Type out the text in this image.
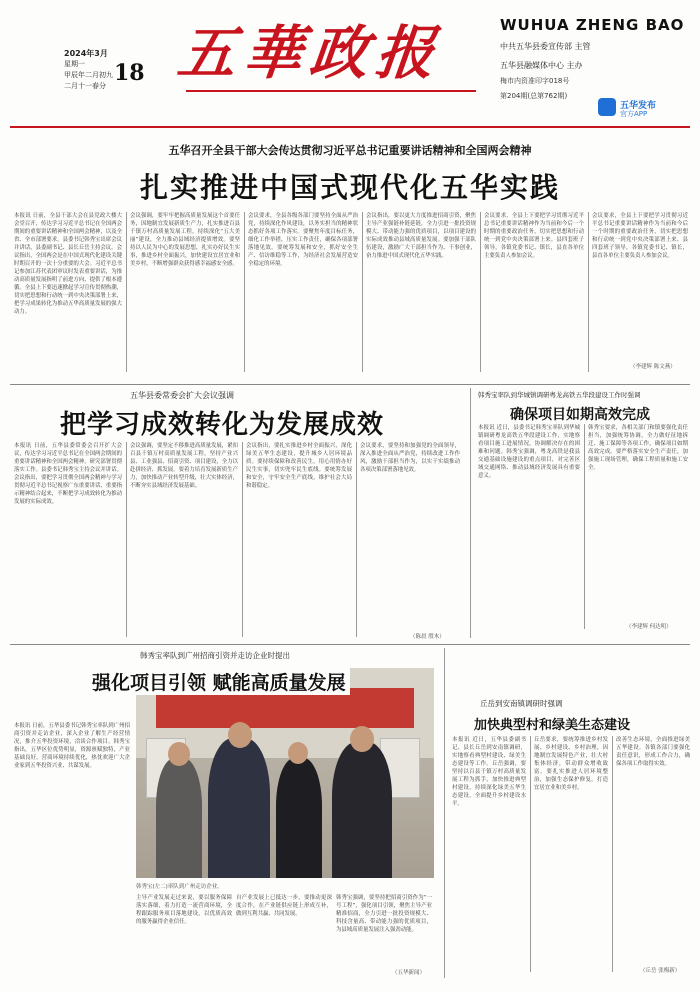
2024年3月
星期一
甲辰年二月初九
二月十一春分 18 五華政报	WUHUA ZHENG BAO
中共五华县委宣传部 主管
五华县融媒体中心 主办
梅市内资准印字018号
第204期(总第762期)
五华发布
官方APP
五华召开全县干部大会传达贯彻习近平总书记重要讲话精神和全国两会精神
扎实推进中国式现代化五华实践
本报讯 日前，全县干部大会在县党政大楼大会堂召开，传达学习习近平总书记在全国两会期间的重要讲话精神和全国两会精神，以及全省、全市部署要求。县委书记韩秀宝出席会议并讲话，县委副书记、县长丘岳主持会议。会议指出，全国两会是在中国式现代化建设关键时期召开的一次十分重要的大会。习近平总书记参加江苏代表团审议时发表重要讲话，为推动高质量发展指明了前进方向、提供了根本遵循。全县上下要迅速掀起学习宣传贯彻热潮，切实把思想和行动统一到中央决策部署上来，把学习成果转化为推动五华高质量发展的强大动力。
会议强调，要牢牢把握高质量发展这个首要任务，因地制宜发展新质生产力，扎实推进百县千镇万村高质量发展工程，持续深化“五大美丽”建设，全力推动县域经济提质增效。要坚持以人民为中心的发展思想，扎实办好民生实事，推进乡村全面振兴，加快建设宜居宜业和美乡村，不断增强群众获得感幸福感安全感。
会议要求，全县各级各部门要坚持全面从严治党，持续深化作风建设，以务实担当的精神状态抓好各项工作落实。要聚焦年度目标任务，细化工作举措，压实工作责任，确保各项部署落地见效。要统筹发展和安全，抓好安全生产、信访维稳等工作，为经济社会发展营造安全稳定的环境。
会议指出，要以更大力度推进招商引资，聚焦主导产业强链补链延链，全力引进一批投资规模大、带动能力强的优质项目，以项目建设的实际成效推动县域高质量发展。要加强干部队伍建设，激励广大干部担当作为、干事创业，奋力推进中国式现代化五华实践。
会议要求，全县上下要把学习贯彻习近平总书记重要讲话精神作为当前和今后一个时期的重要政治任务，切实把思想和行动统一到党中央决策部署上来。县四套班子领导，各镇党委书记、镇长，县直各单位主要负责人参加会议。
会议要求，全县上下要把学习贯彻习近平总书记重要讲话精神作为当前和今后一个时期的重要政治任务，切实把思想和行动统一到党中央决策部署上来。县四套班子领导，各镇党委书记、镇长，县直各单位主要负责人参加会议。
（李建辉 陈文燕）
五华县委常委会扩大会议强调
把学习成效转化为发展成效
本报讯 日前，五华县委常委会召开扩大会议，传达学习习近平总书记在全国两会期间的重要讲话精神和全国两会精神，研究部署贯彻落实工作。县委书记韩秀宝主持会议并讲话。会议指出，要把学习贯彻全国两会精神与学习贯彻习近平总书记视察广东重要讲话、重要指示精神结合起来，不断把学习成效转化为推动发展的实际成效。
会议强调，要坚定不移推进高质量发展，紧扣百县千镇万村高质量发展工程，坚持产业兴县、工业强县、招商引资、项目建设，全力以赴拼经济、抓发展。要着力培育发展新质生产力，加快推动产业转型升级，壮大实体经济，不断夯实县域经济发展基础。
会议指出，要扎实推进乡村全面振兴，深化绿美五华生态建设，提升城乡人居环境品质。要持续保障和改善民生，用心用情办好民生实事，切实兜牢民生底线。要统筹发展和安全，守牢安全生产底线，维护社会大局和谐稳定。
会议要求，要坚持和加强党的全面领导，深入推进全面从严治党，持续改进工作作风，激励干部担当作为，以实干实绩推动各项决策部署落地见效。
（陈晨 殷木）
韩秀宝率队到华城镇调研粤龙高铁五华段建设工作时强调
确保项目如期高效完成
本报讯 近日，县委书记韩秀宝率队到华城镇调研粤龙高铁五华段建设工作，实地察看项目施工进展情况，协调解决存在的困难和问题。韩秀宝强调，粤龙高铁是我县交通基础设施建设的重点项目，对完善区域交通网络、推动县域经济发展具有重要意义。
韩秀宝要求，各相关部门和镇要强化责任担当，加强统筹协调，全力做好征地拆迁、施工保障等各项工作，确保项目如期高效完成。要严格落实安全生产责任，加强施工现场管理，确保工程质量和施工安全。
（李建辉 何达明）
韩秀宝率队到广州招商引资并走访企业时提出
本报讯 日前，五华县委书记韩秀宝率队到广州招商引资并走访企业，深入企业了解生产经营情况，推介五华投资环境，洽谈合作项目。韩秀宝指出，五华区位优势明显，资源禀赋独特，产业基础良好，营商环境持续优化，热忱欢迎广大企业家到五华投资兴业、共谋发展。
强化项目引领 赋能高质量发展
韩秀宝(左二)率队到广州走访企业。
主导产业发展走过来说，要以服务保障落实落细，着力打造一流营商环境，全程跟踪服务项目落地建设，以优质高效的服务赢得企业信任。
自产业发展上已抵达一步，要推动更深度合作，在产业链供应链上形成互补，做到互利共赢、共同发展。
韩秀宝强调，要坚持把招商引资作为“一号工程”，强化项目引领，聚焦主导产业精准招商，全力引进一批投资规模大、科技含量高、带动能力强的优质项目，为县域高质量发展注入强劲动能。
（五华新闻）
丘岳到安南镇调研时强调
加快典型村和绿美生态建设
本报讯 近日，五华县委副书记、县长丘岳到安南镇调研，实地察看典型村建设、绿美生态建设等工作。丘岳强调，要坚持以百县千镇万村高质量发展工程为抓手，加快推进典型村建设，持续深化绿美五华生态建设，全面提升乡村建设水平。
丘岳要求，要统筹推进乡村发展、乡村建设、乡村治理，因地制宜发展特色产业，壮大村集体经济，带动群众增收致富。要扎实推进人居环境整治，加强生态保护修复，打造宜居宜业和美乡村。
改善生态环境，全面推进绿美五华建设。各镇各部门要强化责任意识，形成工作合力，确保各项工作取得实效。
（丘岳 张梅新）
